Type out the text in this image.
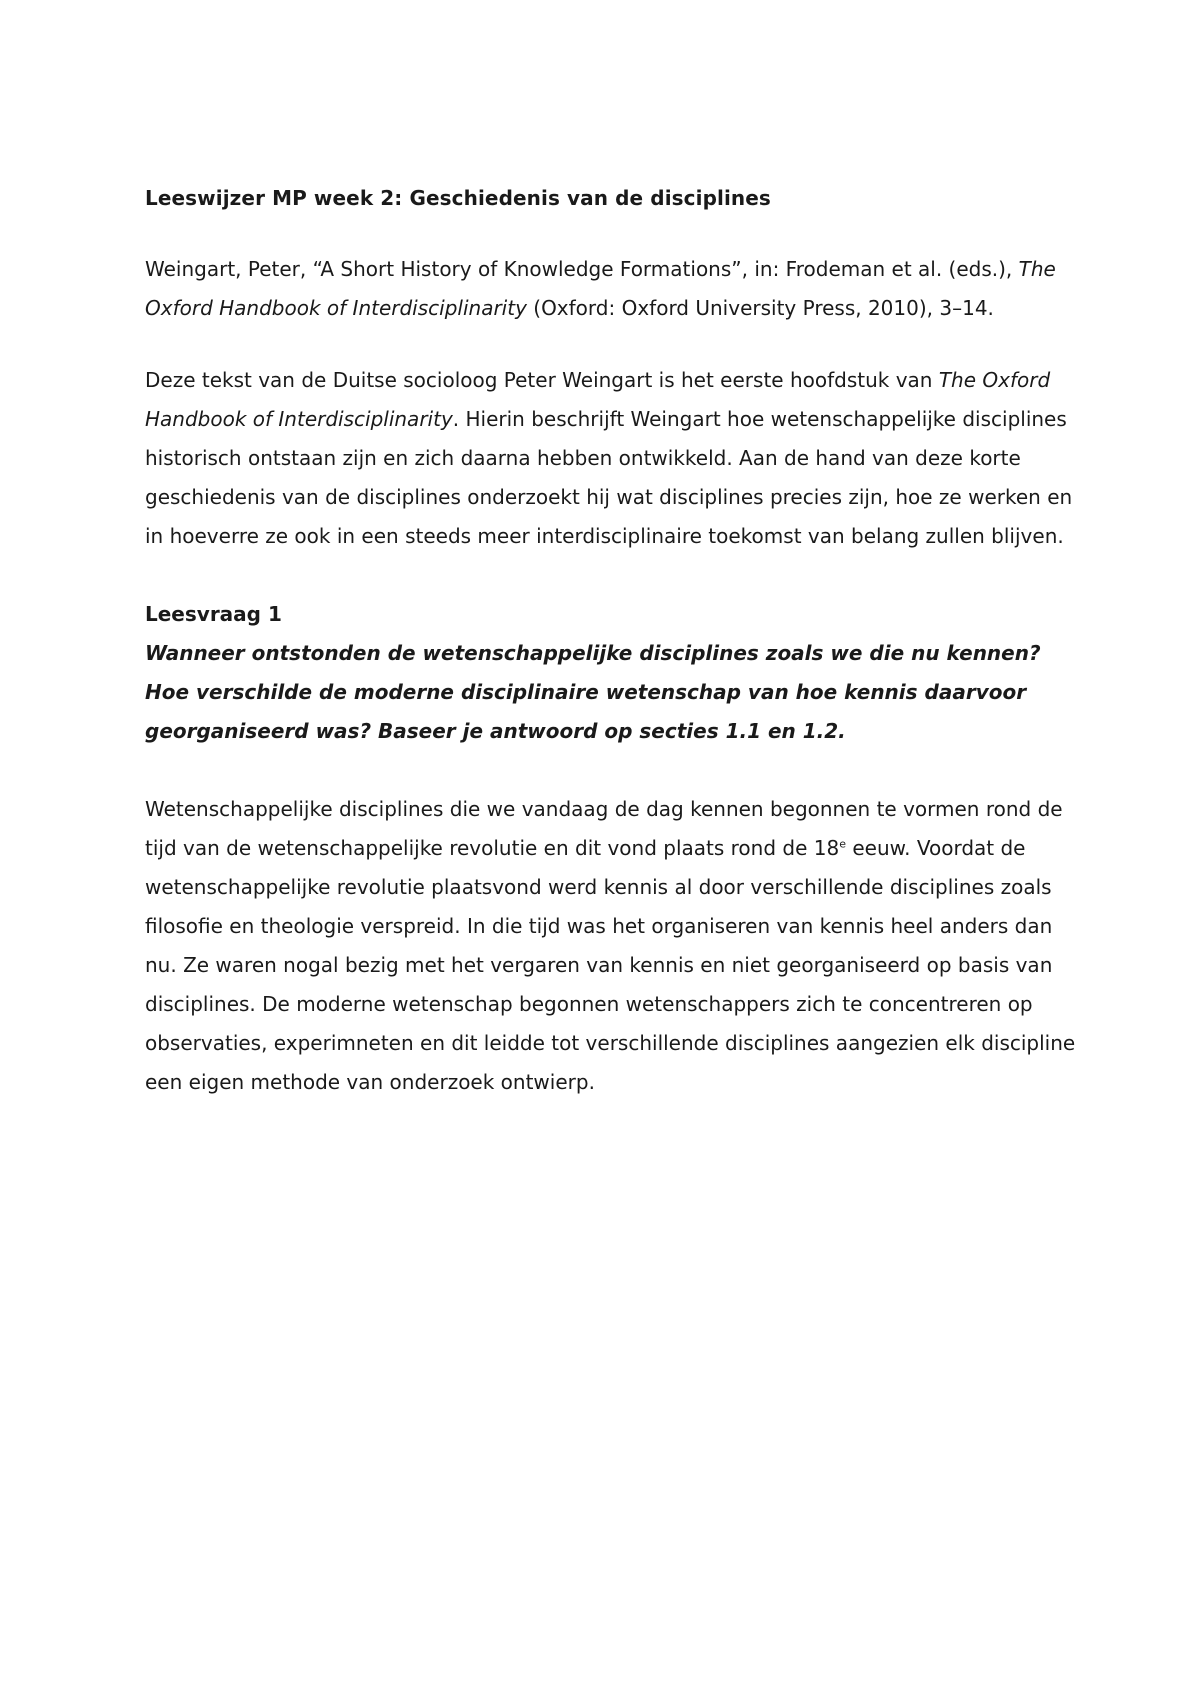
Leeswijzer MP week 2: Geschiedenis van de disciplines

Weingart, Peter, “A Short History of Knowledge Formations”, in: Frodeman et al. (eds.), The Oxford Handbook of Interdisciplinarity (Oxford: Oxford University Press, 2010), 3–14.

Deze tekst van de Duitse socioloog Peter Weingart is het eerste hoofdstuk van The Oxford Handbook of Interdisciplinarity. Hierin beschrijft Weingart hoe wetenschappelijke disciplines historisch ontstaan zijn en zich daarna hebben ontwikkeld. Aan de hand van deze korte geschiedenis van de disciplines onderzoekt hij wat disciplines precies zijn, hoe ze werken en in hoeverre ze ook in een steeds meer interdisciplinaire toekomst van belang zullen blijven.

Leesvraag 1

Wanneer ontstonden de wetenschappelijke disciplines zoals we die nu kennen?

Hoe verschilde de moderne disciplinaire wetenschap van hoe kennis daarvoor georganiseerd was? Baseer je antwoord op secties 1.1 en 1.2.

Wetenschappelijke disciplines die we vandaag de dag kennen begonnen te vormen rond de tijd van de wetenschappelijke revolutie en dit vond plaats rond de 18e eeuw. Voordat de wetenschappelijke revolutie plaatsvond werd kennis al door verschillende disciplines zoals filosofie en theologie verspreid. In die tijd was het organiseren van kennis heel anders dan nu. Ze waren nogal bezig met het vergaren van kennis en niet georganiseerd op basis van disciplines. De moderne wetenschap begonnen wetenschappers zich te concentreren op observaties, experimneten en dit leidde tot verschillende disciplines aangezien elk discipline een eigen methode van onderzoek ontwierp.
